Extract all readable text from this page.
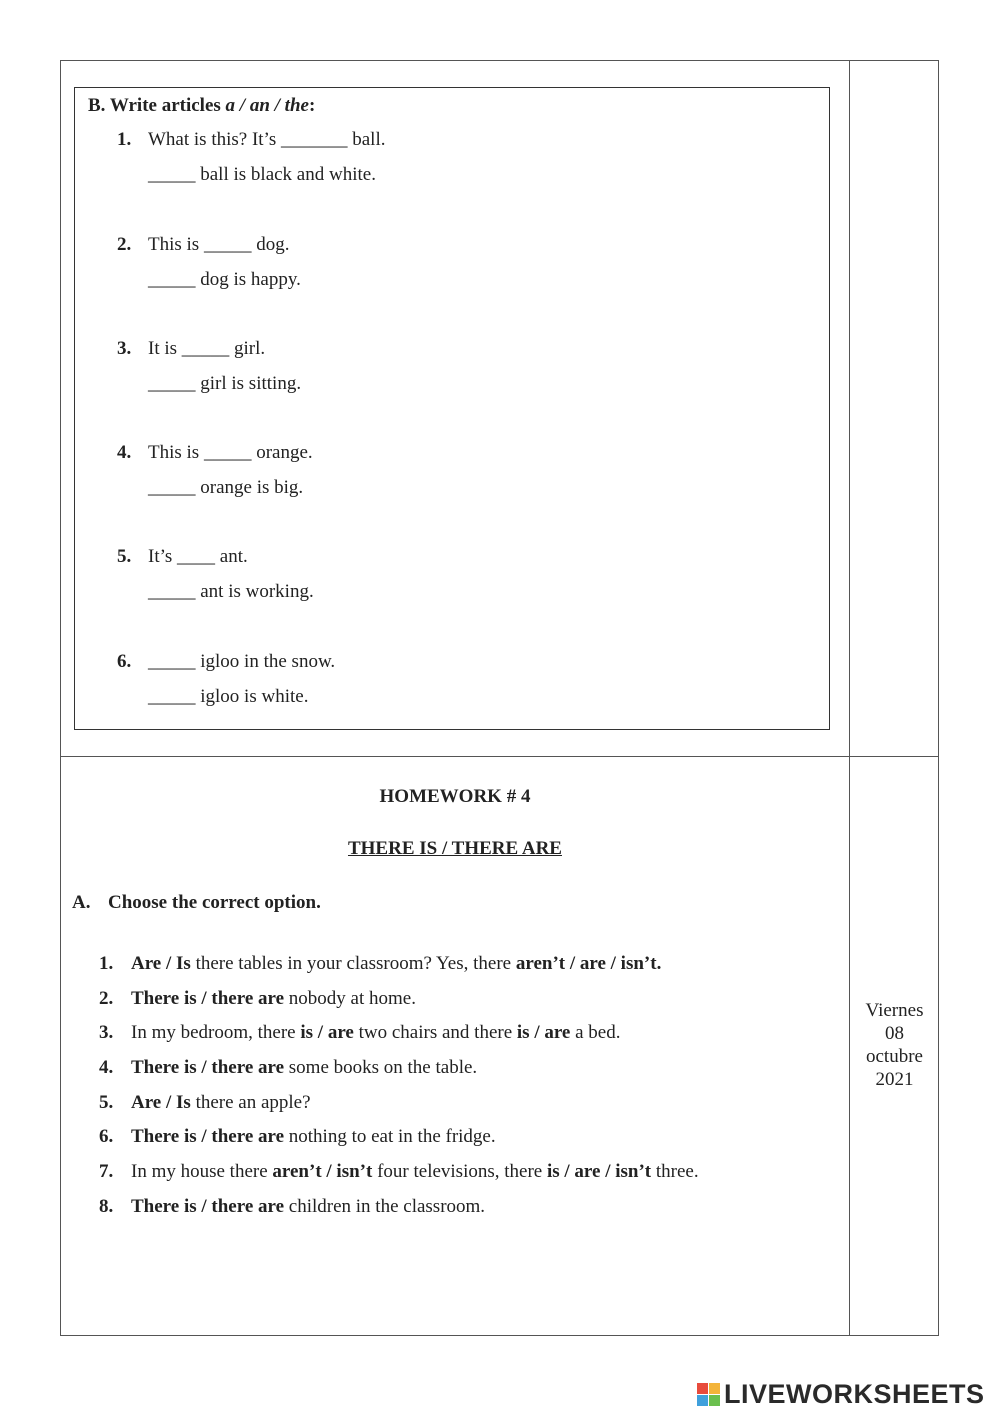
B. Write articles a / an / the:
1. What is this? It’s _______ ball.
_____ ball is black and white.
2. This is _____ dog.
_____ dog is happy.
3. It is _____ girl.
_____ girl is sitting.
4. This is _____ orange.
_____ orange is big.
5. It’s ____ ant.
_____ ant is working.
6. _____ igloo in the snow.
_____ igloo is white.
HOMEWORK # 4
THERE IS / THERE ARE
A. Choose the correct option.
1. Are / Is there tables in your classroom? Yes, there aren’t / are / isn’t.
2. There is / there are nobody at home.
3. In my bedroom, there is / are two chairs and there is / are a bed.
4. There is / there are some books on the table.
5. Are / Is there an apple?
6. There is / there are nothing to eat in the fridge.
7. In my house there aren’t / isn’t four televisions, there is / are / isn’t three.
8. There is / there are children in the classroom.
Viernes
08
octubre
2021
LIVEWORKSHEETS
